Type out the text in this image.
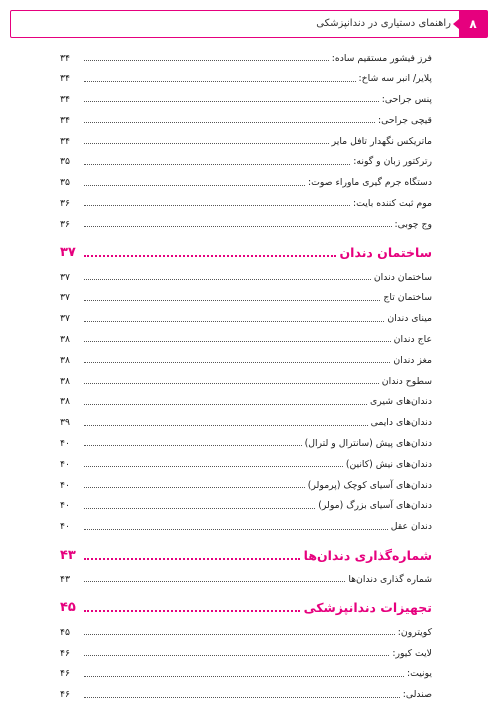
راهنمای دستیاری در دندانپزشکی	۸
فرز فیشور مستقیم ساده:
۳۴
پلایر/ انبر سه شاخ:
۳۴
پنس جراحی:
۳۴
قیچی جراحی:
۳۴
ماتریکس نگهدار تافل مایر
۳۴
رترکتور زبان و گونه:
۳۵
دستگاه جرم گیری ماوراء صوت:
۳۵
موم ثبت کننده بایت:
۳۶
وج چوبی:
۳۶
ساختمان دندان
۳۷
ساختمان دندان
۳۷
ساختمان تاج
۳۷
مینای دندان
۳۷
عاج دندان
۳۸
مغز دندان
۳۸
سطوح دندان
۳۸
دندان‌های شیری
۳۸
دندان‌های دایمی
۳۹
دندان‌های پیش (سانترال و لترال)
۴۰
دندان‌های نیش (کانین)
۴۰
دندان‌های آسیای کوچک (پرمولر)
۴۰
دندان‌های آسیای بزرگ (مولر)
۴۰
دندان عقل
۴۰
شماره‌گذاری دندان‌ها
۴۳
شماره گذاری دندان‌ها
۴۳
تجهیزات دندانپزشکی
۴۵
کویترون:
۴۵
لایت کیور:
۴۶
یونیت:
۴۶
صندلی:
۴۶
